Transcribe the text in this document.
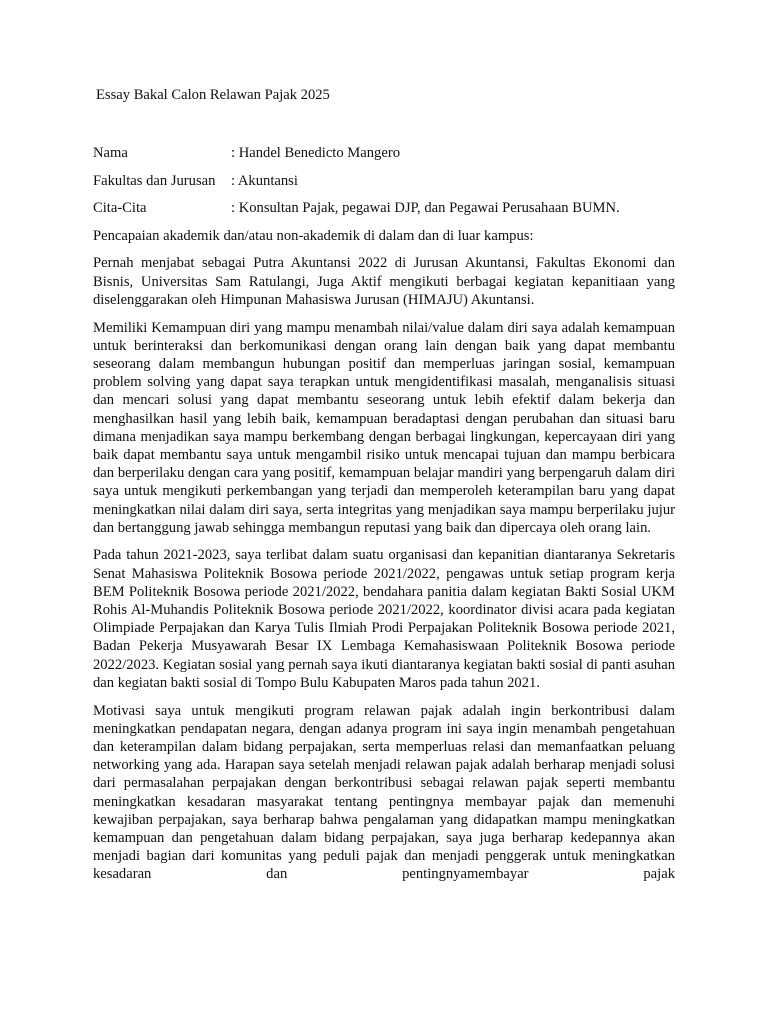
Essay Bakal Calon Relawan Pajak 2025
Nama	: Handel Benedicto Mangero
Fakultas dan Jurusan	: Akuntansi
Cita-Cita	: Konsultan Pajak, pegawai DJP, dan Pegawai Perusahaan BUMN.

Pencapaian akademik dan/atau non-akademik di dalam dan di luar kampus:

Pernah menjabat sebagai Putra Akuntansi 2022 di Jurusan Akuntansi, Fakultas Ekonomi dan Bisnis, Universitas Sam Ratulangi, Juga Aktif mengikuti berbagai kegiatan kepanitiaan yang diselenggarakan oleh Himpunan Mahasiswa Jurusan (HIMAJU) Akuntansi.

Memiliki Kemampuan diri yang mampu menambah nilai/value dalam diri saya adalah kemampuan untuk berinteraksi dan berkomunikasi dengan orang lain dengan baik yang dapat membantu seseorang dalam membangun hubungan positif dan memperluas jaringan sosial, kemampuan problem solving yang dapat saya terapkan untuk mengidentifikasi masalah, menganalisis situasi dan mencari solusi yang dapat membantu seseorang untuk lebih efektif dalam bekerja dan menghasilkan hasil yang lebih baik, kemampuan beradaptasi dengan perubahan dan situasi baru dimana menjadikan saya mampu berkembang dengan berbagai lingkungan, kepercayaan diri yang baik dapat membantu saya untuk mengambil risiko untuk mencapai tujuan dan mampu berbicara dan berperilaku dengan cara yang positif, kemampuan belajar mandiri yang berpengaruh dalam diri saya untuk mengikuti perkembangan yang terjadi dan memperoleh keterampilan baru yang dapat meningkatkan nilai dalam diri saya, serta integritas yang menjadikan saya mampu berperilaku jujur dan bertanggung jawab sehingga membangun reputasi yang baik dan dipercaya oleh orang lain.

Pada tahun 2021-2023, saya terlibat dalam suatu organisasi dan kepanitian diantaranya Sekretaris Senat Mahasiswa Politeknik Bosowa periode 2021/2022, pengawas untuk setiap program kerja BEM Politeknik Bosowa periode 2021/2022, bendahara panitia dalam kegiatan Bakti Sosial UKM Rohis Al-Muhandis Politeknik Bosowa periode 2021/2022, koordinator divisi acara pada kegiatan Olimpiade Perpajakan dan Karya Tulis Ilmiah Prodi Perpajakan Politeknik Bosowa periode 2021, Badan Pekerja Musyawarah Besar IX Lembaga Kemahasiswaan Politeknik Bosowa periode 2022/2023. Kegiatan sosial yang pernah saya ikuti diantaranya kegiatan bakti sosial di panti asuhan dan kegiatan bakti sosial di Tompo Bulu Kabupaten Maros pada tahun 2021.

Motivasi saya untuk mengikuti program relawan pajak adalah ingin berkontribusi dalam meningkatkan pendapatan negara, dengan adanya program ini saya ingin menambah pengetahuan dan keterampilan dalam bidang perpajakan, serta memperluas relasi dan memanfaatkan peluang networking yang ada. Harapan saya setelah menjadi relawan pajak adalah berharap menjadi solusi dari permasalahan perpajakan dengan berkontribusi sebagai relawan pajak seperti membantu meningkatkan kesadaran masyarakat tentang pentingnya membayar pajak dan memenuhi kewajiban perpajakan, saya berharap bahwa pengalaman yang didapatkan mampu meningkatkan kemampuan dan pengetahuan dalam bidang perpajakan, saya juga berharap kedepannya akan menjadi bagian dari komunitas yang peduli pajak dan menjadi penggerak untuk meningkatkan kesadaran dan pentingnyamembayar pajak
